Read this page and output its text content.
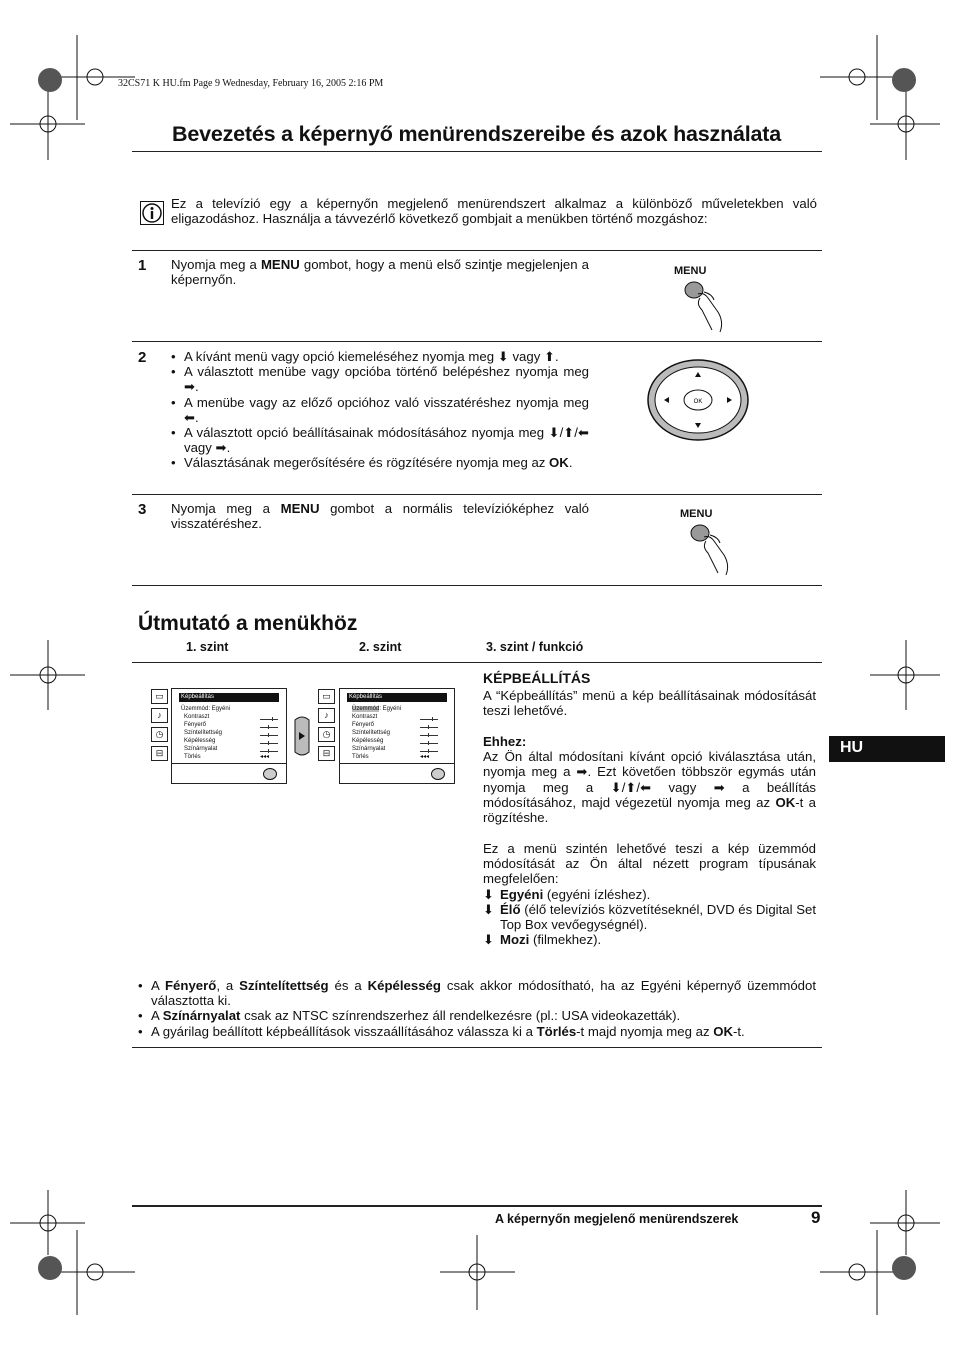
32CS71 K HU.fm Page 9 Wednesday, February 16, 2005 2:16 PM
Bevezetés a képernyő menürendszereibe és azok használata
Ez a televízió egy a képernyőn megjelenő menürendszert alkalmaz a különböző műveletekben való eligazodáshoz. Használja a távvezérlő következő gombjait a menükben történő mozgáshoz:
1 Nyomja meg a MENU gombot, hogy a menü első szintje megjelenjen a képernyőn.
MENU
2
•	A kívánt menü vagy opció kiemeléséhez nyomja meg ⬇ vagy ⬆.
• A választott menübe vagy opcióba történő belépéshez nyomja meg ➡.
• A menübe vagy az előző opcióhoz való visszatéréshez nyomja meg ⬅.
• A választott opció beállításainak módosításához nyomja meg ⬇/⬆/⬅ vagy ➡.
• Választásának megerősítésére és rögzítésére nyomja meg az OK.
OK
3 Nyomja meg a MENU gombot a normális televízióképhez való visszatéréshez.
MENU
Útmutató a menükhöz
1. szint	2. szint	3. szint / funkció
HU
▭
♪
◷
⊟
Képbeállítás
Üzemmód: Egyéni
Kontraszt
Fényerő
Színtelítettség
Képélesség
Színárnyalat
Törlés	◂◂◂
▭
♪
◷
⊟
Képbeállítás
Üzemmód: Egyéni
Kontraszt
Fényerő
Színtelítettség
Képélesség
Színárnyalat
Törlés	◂◂◂
KÉPBEÁLLÍTÁS
A “Képbeállítás” menü a kép beállításainak módosítását teszi lehetővé.
Ehhez:
Az Ön által módosítani kívánt opció kiválasztása után, nyomja meg a ➡. Ezt követően többször egymás után nyomja meg a ⬇/⬆/⬅ vagy ➡ a beállítás módosításához, majd végezetül nyomja meg az OK-t a rögzítéshe.
Ez a menü szintén lehetővé teszi a kép üzemmód módosítását az Ön által nézett program típusának megfelelően:
⬇ Egyéni (egyéni ízléshez).
⬇ Élő (élő televíziós közvetítéseknél, DVD és Digital Set Top Box vevőegységnél).
⬇ Mozi (filmekhez).
• A Fényerő, a Színtelítettség és a Képélesség csak akkor módosítható, ha az Egyéni képernyő üzemmódot választotta ki.
• A Színárnyalat csak az NTSC színrendszerhez áll rendelkezésre (pl.: USA videokazetták).
• A gyárilag beállított képbeállítások visszaállításához válassza ki a Törlés-t majd nyomja meg az OK-t.
A képernyőn megjelenő menürendszerek	9
